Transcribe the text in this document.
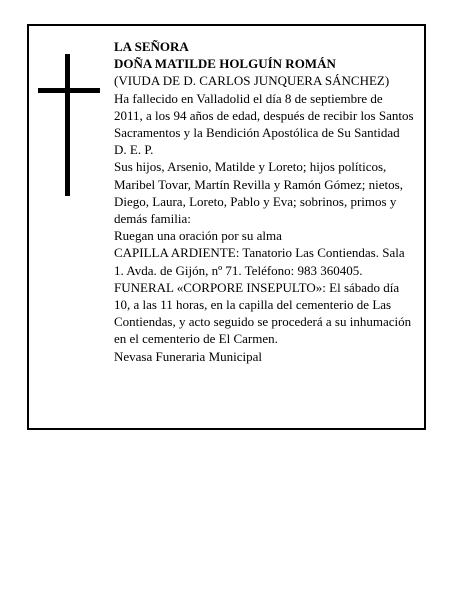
LA SEÑORA

DOÑA MATILDE HOLGUÍN ROMÁN

(VIUDA DE D. CARLOS JUNQUERA SÁNCHEZ)

Ha fallecido en Valladolid el día 8 de septiembre de 2011, a los 94 años de edad, después de recibir los Santos Sacramentos y la Bendición Apostólica de Su Santidad

D. E. P.

Sus hijos, Arsenio, Matilde y Loreto; hijos políticos, Maribel Tovar, Martín Revilla y Ramón Gómez; nietos, Diego, Laura, Loreto, Pablo y Eva; sobrinos, primos y demás familia:

Ruegan una oración por su alma

CAPILLA ARDIENTE: Tanatorio Las Contiendas. Sala 1. Avda. de Gijón, nº 71. Teléfono: 983 360405.

FUNERAL «CORPORE INSEPULTO»: El sábado día 10, a las 11 horas, en la capilla del cementerio de Las Contiendas, y acto seguido se procederá a su inhumación en el cementerio de El Carmen.

Nevasa Funeraria Municipal
